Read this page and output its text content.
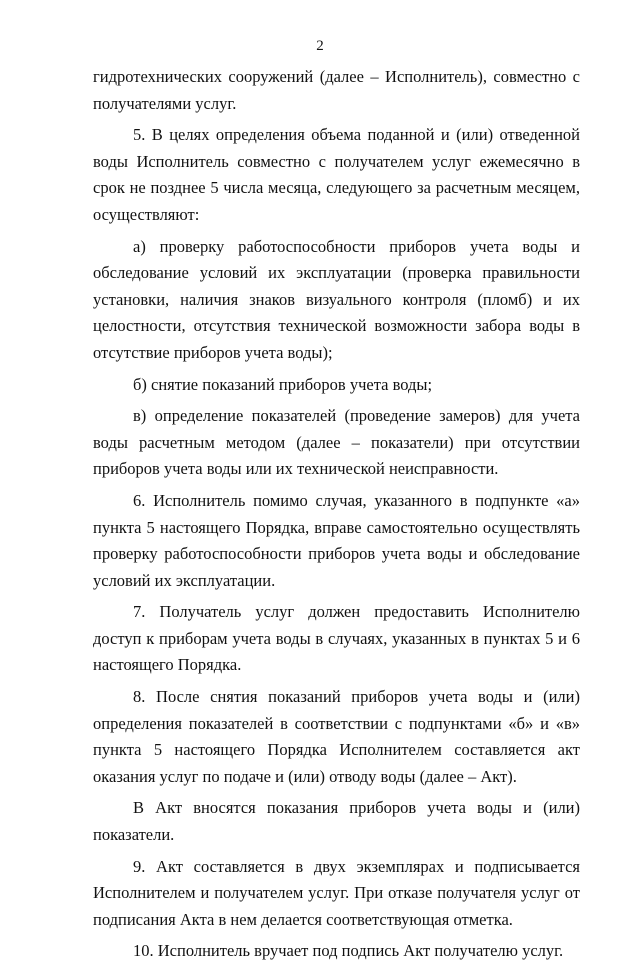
2

гидротехнических сооружений (далее – Исполнитель), совместно с получателями услуг.

5. В целях определения объема поданной и (или) отведенной воды Исполнитель совместно с получателем услуг ежемесячно в срок не позднее 5 числа месяца, следующего за расчетным месяцем, осуществляют:

а) проверку работоспособности приборов учета воды и обследование условий их эксплуатации (проверка правильности установки, наличия знаков визуального контроля (пломб) и их целостности, отсутствия технической возможности забора воды в отсутствие приборов учета воды);

б) снятие показаний приборов учета воды;

в) определение показателей (проведение замеров) для учета воды расчетным методом (далее – показатели) при отсутствии приборов учета воды или их технической неисправности.

6. Исполнитель помимо случая, указанного в подпункте «а» пункта 5 настоящего Порядка, вправе самостоятельно осуществлять проверку работоспособности приборов учета воды и обследование условий их эксплуатации.

7. Получатель услуг должен предоставить Исполнителю доступ к приборам учета воды в случаях, указанных в пунктах 5 и 6 настоящего Порядка.

8. После снятия показаний приборов учета воды и (или) определения показателей в соответствии с подпунктами «б» и «в» пункта 5 настоящего Порядка Исполнителем составляется акт оказания услуг по подаче и (или) отводу воды (далее – Акт).

В Акт вносятся показания приборов учета воды и (или) показатели.

9. Акт составляется в двух экземплярах и подписывается Исполнителем и получателем услуг. При отказе получателя услуг от подписания Акта в нем делается соответствующая отметка.

10. Исполнитель вручает под подпись Акт получателю услуг.
